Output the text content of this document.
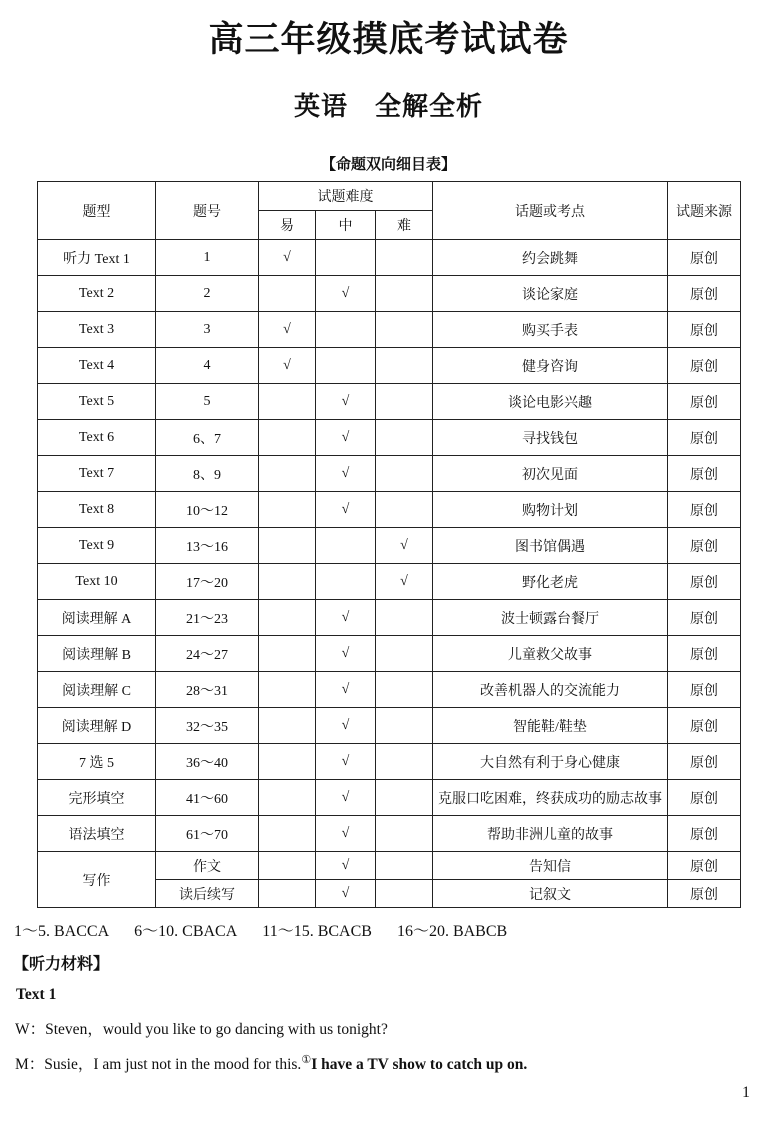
高三年级摸底考试试卷
英语　全解全析
【命题双向细目表】
题型	题号	试题难度			话题或考点	试题来源
		易	中	难		
听力 Text 1	1	√			约会跳舞	原创
Text 2	2		√		谈论家庭	原创
Text 3	3	√			购买手表	原创
Text 4	4	√			健身咨询	原创
Text 5	5		√		谈论电影兴趣	原创
Text 6	6、7		√		寻找钱包	原创
Text 7	8、9		√		初次见面	原创
Text 8	10～12		√		购物计划	原创
Text 9	13～16			√	图书馆偶遇	原创
Text 10	17～20			√	野化老虎	原创
阅读理解 A	21～23		√		波士顿露台餐厅	原创
阅读理解 B	24～27		√		儿童救父故事	原创
阅读理解 C	28～31		√		改善机器人的交流能力	原创
阅读理解 D	32～35		√		智能鞋/鞋垫	原创
7 选 5	36～40		√		大自然有利于身心健康	原创
完形填空	41～60		√		克服口吃困难，终获成功的励志故事	原创
语法填空	61～70		√		帮助非洲儿童的故事	原创
写作	作文		√		告知信	原创
	读后续写		√		记叙文	原创
1～5. BACCA 6～10. CBACA 11～15. BCACB 16～20. BABCB
【听力材料】
Text 1
W：Steven，would you like to go dancing with us tonight?
M：Susie，I am just not in the mood for this.①I have a TV show to catch up on.
1
